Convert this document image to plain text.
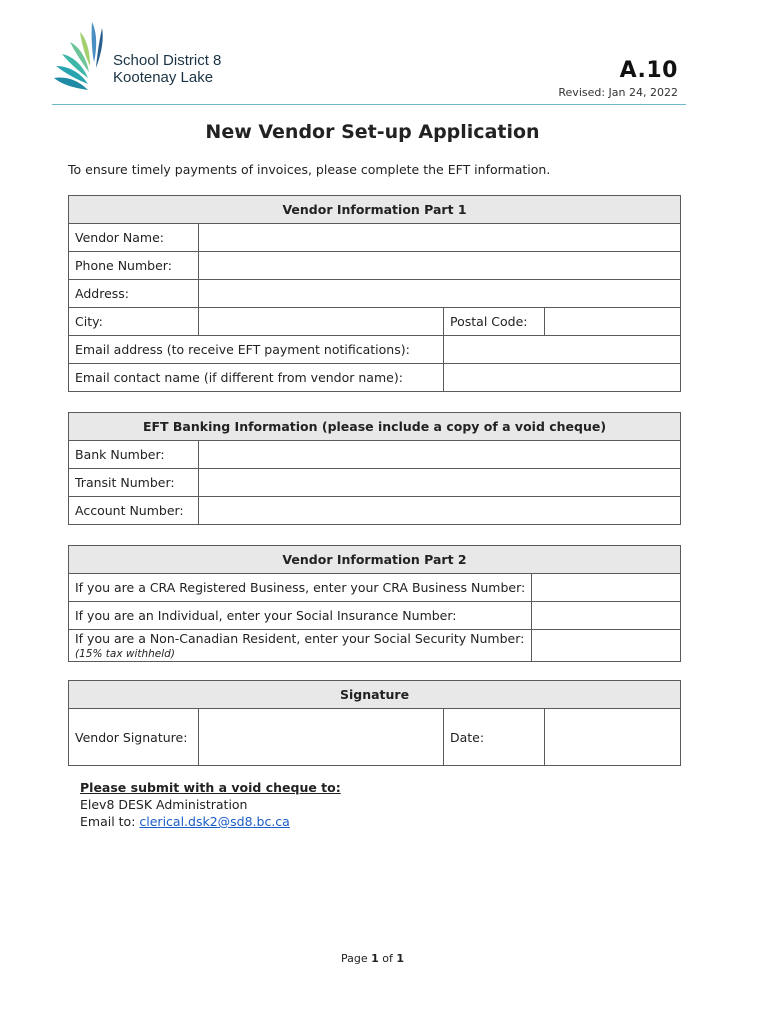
School District 8
Kootenay Lake	A.10
Revised: Jan 24, 2022
New Vendor Set-up Application
To ensure timely payments of invoices, please complete the EFT information.
Vendor Information Part 1			
Vendor Name:			
Phone Number:			
Address:			
City:		Postal Code:	
Email address (to receive EFT payment notifications):			
Email contact name (if different from vendor name):			
EFT Banking Information (please include a copy of a void cheque)	
Bank Number:	
Transit Number:	
Account Number:	
Vendor Information Part 2	
If you are a CRA Registered Business, enter your CRA Business Number:	
If you are an Individual, enter your Social Insurance Number:	
If you are a Non-Canadian Resident, enter your Social Security Number:
(15% tax withheld)	

Signature
Vendor Signature:		Date:	
Please submit with a void cheque to:
Elev8 DESK Administration
Email to: clerical.dsk2@sd8.bc.ca
Page 1 of 1
